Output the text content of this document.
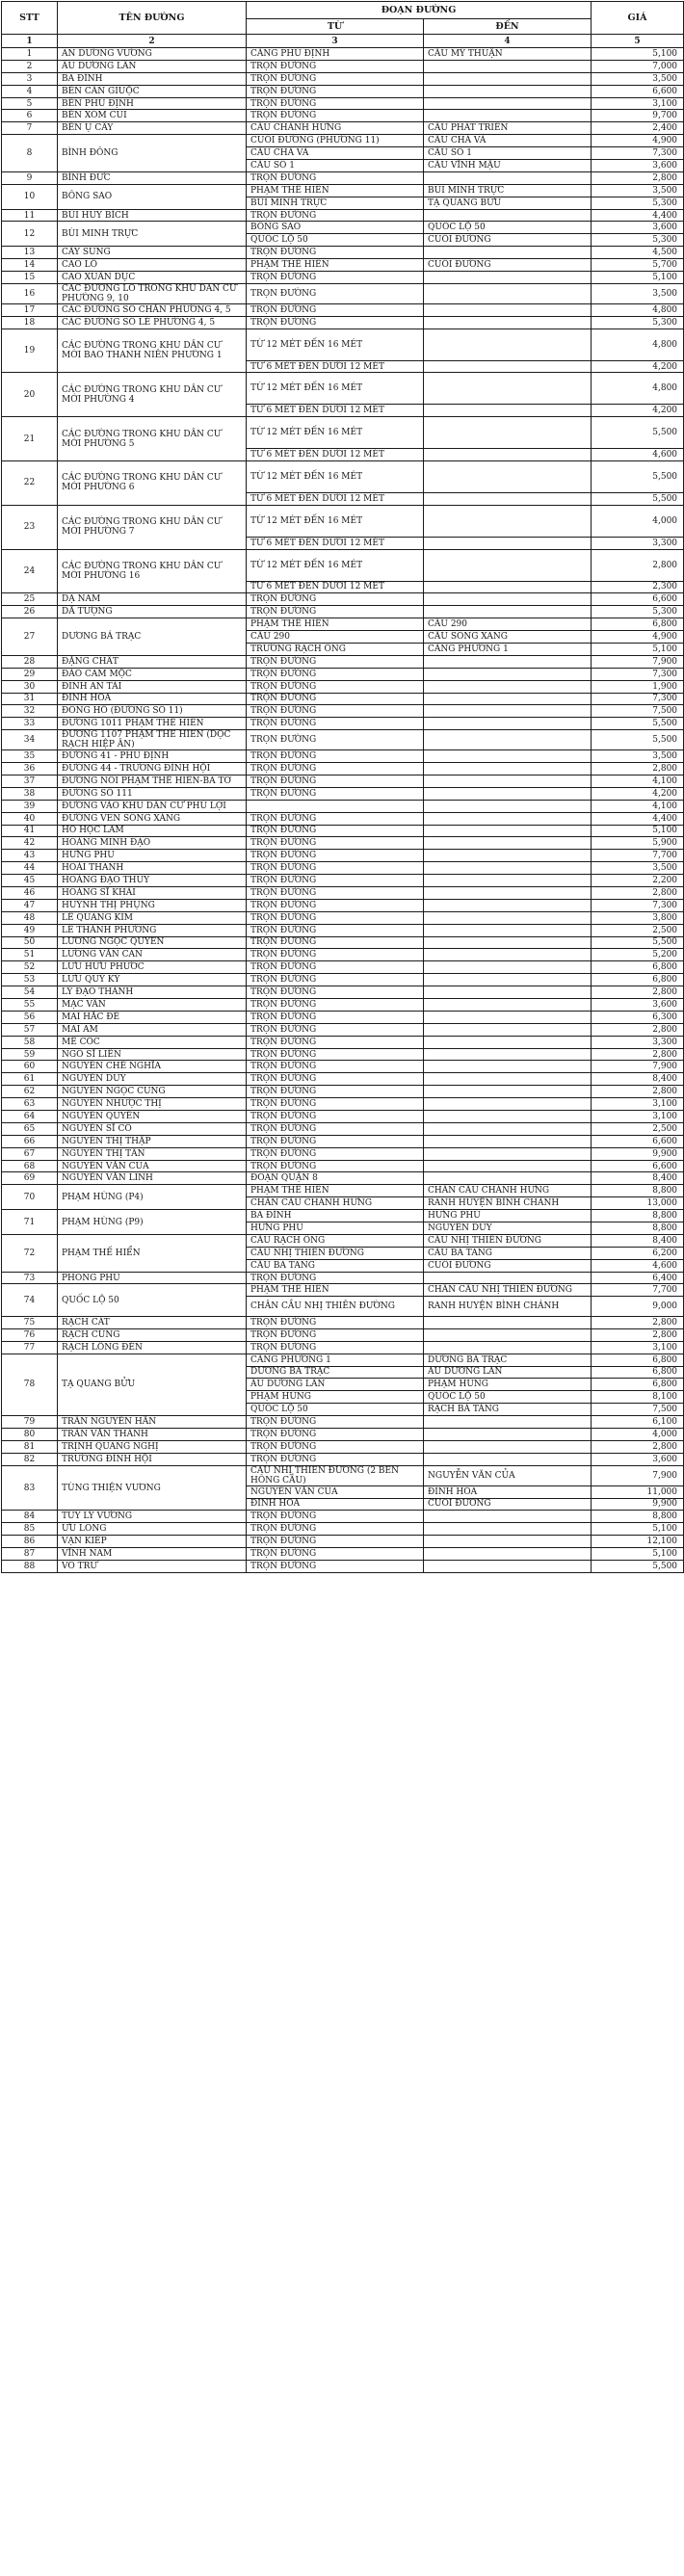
STT	TÊN ĐƯỜNG	ĐOẠN ĐƯỜNG		GIÁ
		TỪ	ĐẾN	
1	2	3	4	5
1	AN DƯƠNG VƯƠNG	CẢNG PHÚ ĐỊNH	CẦU MỸ THUẬN	5,100
2	ÂU DƯƠNG LÂN	TRỌN ĐƯỜNG		7,000
3	BA ĐÌNH	TRỌN ĐƯỜNG		3,500
4	BẾN CẦN GIUỘC	TRỌN ĐƯỜNG		6,600
5	BẾN PHÚ ĐỊNH	TRỌN ĐƯỜNG		3,100
6	BẾN XÓM CỦI	TRỌN ĐƯỜNG		9,700
7	BẾN Ụ CÂY	CẦU CHÁNH HƯNG	CẦU PHÁT TRIỂN	2,400
8	BÌNH ĐÔNG	CUỐI ĐƯỜNG (PHƯỜNG 11)	CẦU CHÀ VÀ	4,900
		CẦU CHÀ VÀ	CẦU SỐ 1	7,300
		CẦU SỐ 1	CẦU VĨNH MẬU	3,600
9	BÌNH ĐỨC	TRỌN ĐƯỜNG		2,800
10	BÔNG SAO	PHẠM THẾ HIỂN	BÙI MINH TRỰC	3,500
		BÙI MINH TRỰC	TẠ QUANG BỬU	5,300
11	BÙI HUY BÍCH	TRỌN ĐƯỜNG		4,400
12	BÙI MINH TRỰC	BÔNG SAO	QUỐC LỘ 50	3,600
		QUỐC LỘ 50	CUỐI ĐƯỜNG	5,300
13	CÂY SUNG	TRỌN ĐƯỜNG		4,500
14	CAO LỖ	PHẠM THẾ HIỂN	CUỐI ĐƯỜNG	5,700
15	CAO XUÂN DỤC	TRỌN ĐƯỜNG		5,100
16	CÁC ĐƯỜNG LÔ TRONG KHU DÂN CƯ PHƯỜNG 9, 10	TRỌN ĐƯỜNG		3,500
17	CÁC ĐƯỜNG SỐ CHẴN PHƯỜNG 4, 5	TRỌN ĐƯỜNG		4,800
18	CÁC ĐƯỜNG SỐ LẺ PHƯỜNG 4, 5	TRỌN ĐƯỜNG		5,300
19	CÁC ĐƯỜNG TRONG KHU DÂN CƯ MỚI BAO THANH NIÊN PHƯỜNG 1	TỪ 12 MÉT ĐẾN 16 MÉT		4,800
		TỪ 6 MÉT ĐẾN DƯỚI 12 MÉT		4,200
20	CÁC ĐƯỜNG TRONG KHU DÂN CƯ MỚI PHƯỜNG 4	TỪ 12 MÉT ĐẾN 16 MÉT		4,800
		TỪ 6 MÉT ĐẾN DƯỚI 12 MÉT		4,200
21	CÁC ĐƯỜNG TRONG KHU DÂN CƯ MỚI PHƯỜNG 5	TỪ 12 MÉT ĐẾN 16 MÉT		5,500
		TỪ 6 MÉT ĐẾN DƯỚI 12 MÉT		4,600
22	CÁC ĐƯỜNG TRONG KHU DÂN CƯ MỚI PHƯỜNG 6	TỪ 12 MÉT ĐẾN 16 MÉT		5,500
		TỪ 6 MÉT ĐẾN DƯỚI 12 MÉT		5,500
23	CÁC ĐƯỜNG TRONG KHU DÂN CƯ MỚI PHƯỜNG 7	TỪ 12 MÉT ĐẾN 16 MÉT		4,000
		TỪ 6 MÉT ĐẾN DƯỚI 12 MÉT		3,300
24	CÁC ĐƯỜNG TRONG KHU DÂN CƯ MỚI PHƯỜNG 16	TỪ 12 MÉT ĐẾN 16 MÉT		2,800
		TỪ 6 MÉT ĐẾN DƯỚI 12 MÉT		2,300
25	DẠ NAM	TRỌN ĐƯỜNG		6,600
26	DÃ TƯỢNG	TRỌN ĐƯỜNG		5,300
27	DƯƠNG BÁ TRẠC	PHẠM THẾ HIỂN	CẦU 290	6,800
		CẦU 290	CẦU SONG XANG	4,900
		TRƯỜNG RẠCH ÔNG	CẢNG PHƯỜNG 1	5,100
28	ĐẶNG CHẤT	TRỌN ĐƯỜNG		7,900
29	ĐÀO CAM MỘC	TRỌN ĐƯỜNG		7,300
30	ĐINH AN TÀI	TRỌN ĐƯỜNG		1,900
31	ĐINH HÒA	TRỌN ĐƯỜNG		7,300
32	ĐÔNG HỒ (ĐƯỜNG SỐ 11)	TRỌN ĐƯỜNG		7,500
33	ĐƯỜNG 1011 PHẠM THẾ HIỂN	TRỌN ĐƯỜNG		5,500
34	ĐƯỜNG 1107 PHẠM THẾ HIỂN (DỌC RẠCH HIỆP ÂN)	TRỌN ĐƯỜNG		5,500
35	ĐƯỜNG 41 - PHÚ ĐỊNH	TRỌN ĐƯỜNG		3,500
36	ĐƯỜNG 44 - TRƯƠNG ĐÌNH HỘI	TRỌN ĐƯỜNG		2,800
37	ĐƯỜNG NỐI PHẠM THẾ HIỂN-BA TƠ	TRỌN ĐƯỜNG		4,100
38	ĐƯỜNG SỐ 111	TRỌN ĐƯỜNG		4,200
39	ĐƯỜNG VÀO KHU DÂN CƯ PHÚ LỢI			4,100
40	ĐƯỜNG VEN SÔNG XÁNG	TRỌN ĐƯỜNG		4,400
41	HỒ HỌC LÃM	TRỌN ĐƯỜNG		5,100
42	HOÀNG MINH ĐẠO	TRỌN ĐƯỜNG		5,900
43	HƯNG PHÚ	TRỌN ĐƯỜNG		7,700
44	HOÀI THANH	TRỌN ĐƯỜNG		3,500
45	HOÀNG ĐẠO THÚY	TRỌN ĐƯỜNG		2,200
46	HOÀNG SĨ KHẢI	TRỌN ĐƯỜNG		2,800
47	HUỲNH THỊ PHỤNG	TRỌN ĐƯỜNG		7,300
48	LÊ QUANG KIM	TRỌN ĐƯỜNG		3,800
49	LÊ THÀNH PHƯƠNG	TRỌN ĐƯỜNG		2,500
50	LƯƠNG NGỌC QUYẾN	TRỌN ĐƯỜNG		5,500
51	LƯƠNG VĂN CAN	TRỌN ĐƯỜNG		5,200
52	LƯU HỮU PHƯỚC	TRỌN ĐƯỜNG		6,800
53	LƯU QUÝ KỲ	TRỌN ĐƯỜNG		6,800
54	LÝ ĐẠO THÀNH	TRỌN ĐƯỜNG		2,800
55	MẠC VÂN	TRỌN ĐƯỜNG		3,600
56	MAI HẮC ĐẾ	TRỌN ĐƯỜNG		6,300
57	MAI AM	TRỌN ĐƯỜNG		2,800
58	MỄ CỐC	TRỌN ĐƯỜNG		3,300
59	NGÔ SĨ LIÊN	TRỌN ĐƯỜNG		2,800
60	NGUYỄN CHẾ NGHĨA	TRỌN ĐƯỜNG		7,900
61	NGUYỄN DUY	TRỌN ĐƯỜNG		8,400
62	NGUYỄN NGỌC CUNG	TRỌN ĐƯỜNG		2,800
63	NGUYỄN NHƯỢC THỊ	TRỌN ĐƯỜNG		3,100
64	NGUYỄN QUYỀN	TRỌN ĐƯỜNG		3,100
65	NGUYỄN SĨ CỐ	TRỌN ĐƯỜNG		2,500
66	NGUYỄN THỊ THẬP	TRỌN ĐƯỜNG		6,600
67	NGUYỄN THỊ TẦN	TRỌN ĐƯỜNG		9,900
68	NGUYỄN VĂN CỦA	TRỌN ĐƯỜNG		6,600
69	NGUYỄN VĂN LINH	ĐOẠN QUẬN 8		8,400
70	PHẠM HÙNG (P4)	PHẠM THẾ HIỂN	CHÂN CẦU CHÁNH HƯNG	8,800
		CHÂN CẦU CHÁNH HƯNG	RANH HUYỆN BÌNH CHÁNH	13,000
71	PHẠM HÙNG (P9)	BA ĐÌNH	HƯNG PHÚ	8,800
		HƯNG PHÚ	NGUYỄN DUY	8,800
72	PHẠM THẾ HIỂN	CẦU RẠCH ÔNG	CẦU NHỊ THIÊN ĐƯỜNG	8,400
		CẦU NHỊ THIÊN ĐƯỜNG	CẦU BA TANG	6,200
		CẦU BA TANG	CUỐI ĐƯỜNG	4,600
73	PHONG PHÚ	TRỌN ĐƯỜNG		6,400
74	QUỐC LỘ 50	PHẠM THẾ HIỂN	CHÂN CẦU NHỊ THIÊN ĐƯỜNG	7,700
		CHÂN CẦU NHỊ THIÊN ĐƯỜNG	RANH HUYỆN BÌNH CHÁNH	9,000
75	RẠCH CÁT	TRỌN ĐƯỜNG		2,800
76	RẠCH CÙNG	TRỌN ĐƯỜNG		2,800
77	RẠCH LỒNG ĐÈN	TRỌN ĐƯỜNG		3,100
78	TẠ QUANG BỬU	CẢNG PHƯỜNG 1	DƯƠNG BÁ TRẠC	6,800
		DƯƠNG BÁ TRẠC	ÂU DƯƠNG LÂN	6,800
		ÂU DƯƠNG LÂN	PHẠM HÙNG	6,800
		PHẠM HÙNG	QUỐC LỘ 50	8,100
		QUỐC LỘ 50	RẠCH BÀ TÀNG	7,500
79	TRẦN NGUYÊN HÃN	TRỌN ĐƯỜNG		6,100
80	TRẦN VĂN THÀNH	TRỌN ĐƯỜNG		4,000
81	TRỊNH QUANG NGHỊ	TRỌN ĐƯỜNG		2,800
82	TRƯƠNG ĐÌNH HỘI	TRỌN ĐƯỜNG		3,600
83	TÙNG THIỆN VƯƠNG	CẦU NHỊ THIÊN ĐƯỜNG (2 BÊN HÔNG CẦU)	NGUYỄN VĂN CỦA	7,900
		NGUYỄN VĂN CỦA	ĐINH HÒA	11,000
		ĐINH HÒA	CUỐI ĐƯỜNG	9,900
84	TUY LÝ VƯƠNG	TRỌN ĐƯỜNG		8,800
85	ƯU LONG	TRỌN ĐƯỜNG		5,100
86	VẠN KIẾP	TRỌN ĐƯỜNG		12,100
87	VĨNH NAM	TRỌN ĐƯỜNG		5,100
88	VÕ TRỨ	TRỌN ĐƯỜNG		5,500
